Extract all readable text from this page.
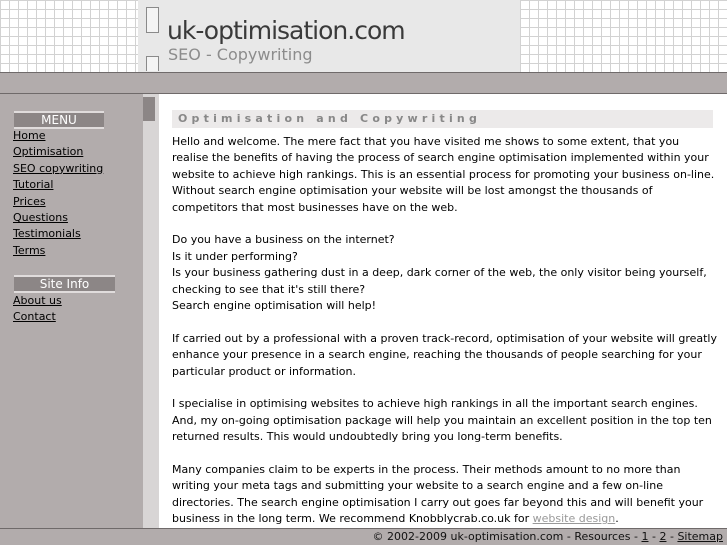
uk-optimisation.com
SEO - Copywriting
MENU
Home
Optimisation
SEO copywriting
Tutorial
Prices
Questions
Testimonials
Terms
Site Info
About us
Contact
Optimisation and Copywriting

Hello and welcome. The mere fact that you have visited me shows to some extent, that you realise the benefits of having the process of search engine optimisation implemented within your website to achieve high rankings. This is an essential process for promoting your business on-line. Without search engine optimisation your website will be lost amongst the thousands of competitors that most businesses have on the web.

Do you have a business on the internet?
Is it under performing?
Is your business gathering dust in a deep, dark corner of the web, the only visitor being yourself, checking to see that it's still there?
Search engine optimisation will help!

If carried out by a professional with a proven track-record, optimisation of your website will greatly enhance your presence in a search engine, reaching the thousands of people searching for your particular product or information.

I specialise in optimising websites to achieve high rankings in all the important search engines. And, my on-going optimisation package will help you maintain an excellent position in the top ten returned results. This would undoubtedly bring you long-term benefits.

Many companies claim to be experts in the process. Their methods amount to no more than writing your meta tags and submitting your website to a search engine and a few on-line directories. The search engine optimisation I carry out goes far beyond this and will benefit your business in the long term. We recommend Knobblycrab.co.uk for website design.

© 2002-2009 uk-optimisation.com - Resources - 1 - 2 - Sitemap
